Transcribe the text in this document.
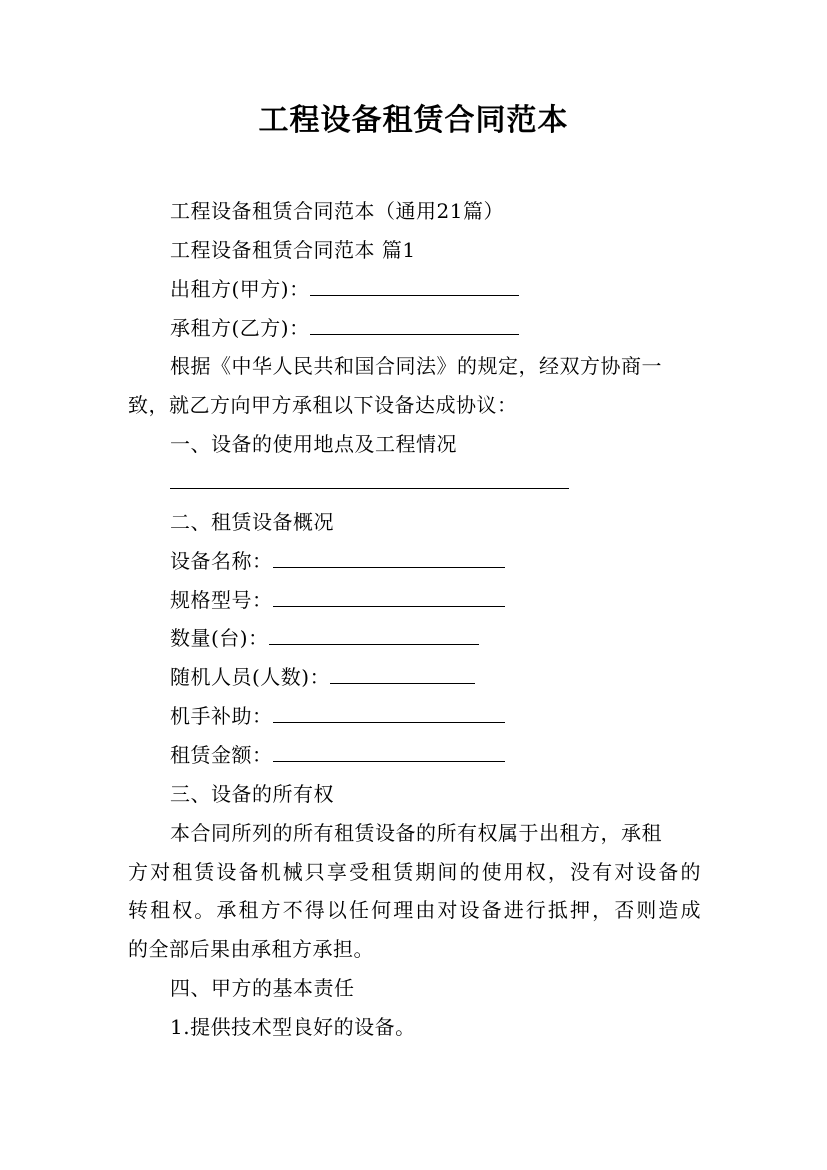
工程设备租赁合同范本
工程设备租赁合同范本（通用21篇）
工程设备租赁合同范本 篇1
出租方(甲方)：
承租方(乙方)：
根据《中华人民共和国合同法》的规定，经双方协商一
致，就乙方向甲方承租以下设备达成协议：
一、设备的使用地点及工程情况
二、租赁设备概况
设备名称：
规格型号：
数量(台)：
随机人员(人数)：
机手补助：
租赁金额：
三、设备的所有权
本合同所列的所有租赁设备的所有权属于出租方，承租
方对租赁设备机械只享受租赁期间的使用权，没有对设备的
转租权。承租方不得以任何理由对设备进行抵押，否则造成
的全部后果由承租方承担。
四、甲方的基本责任
1.提供技术型良好的设备。
